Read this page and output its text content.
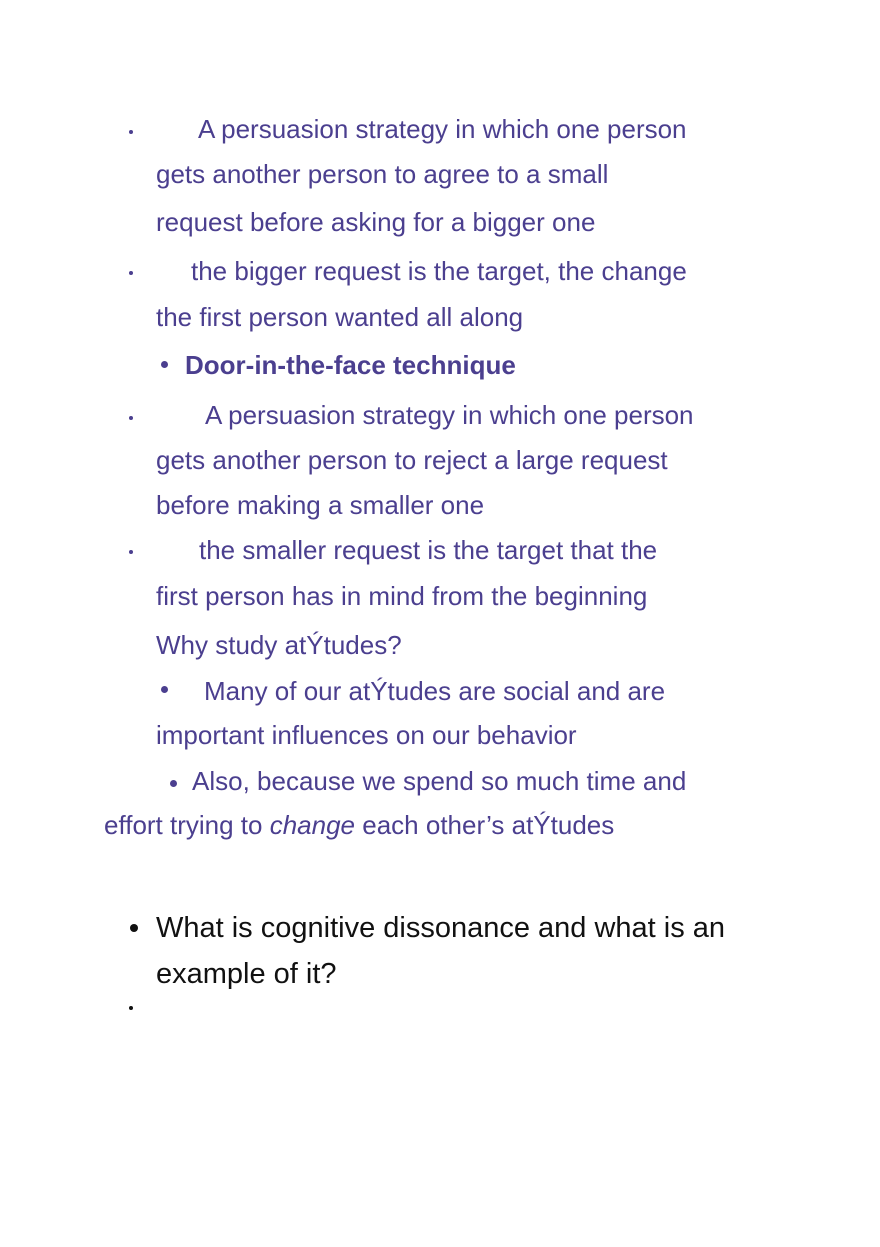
A persuasion strategy in which one person
gets another person to agree to a small
request before asking for a bigger one
the bigger request is the target, the change
the first person wanted all along
Door-in-the-face technique
A persuasion strategy in which one person
gets another person to reject a large request
before making a smaller one
the smaller request is the target that the
first person has in mind from the beginning
Why study atÝtudes?
Many of our atÝtudes are social and are
important influences on our behavior
Also, because we spend so much time and
effort trying to change each other’s atÝtudes
What is cognitive dissonance and what is an
example of it?
